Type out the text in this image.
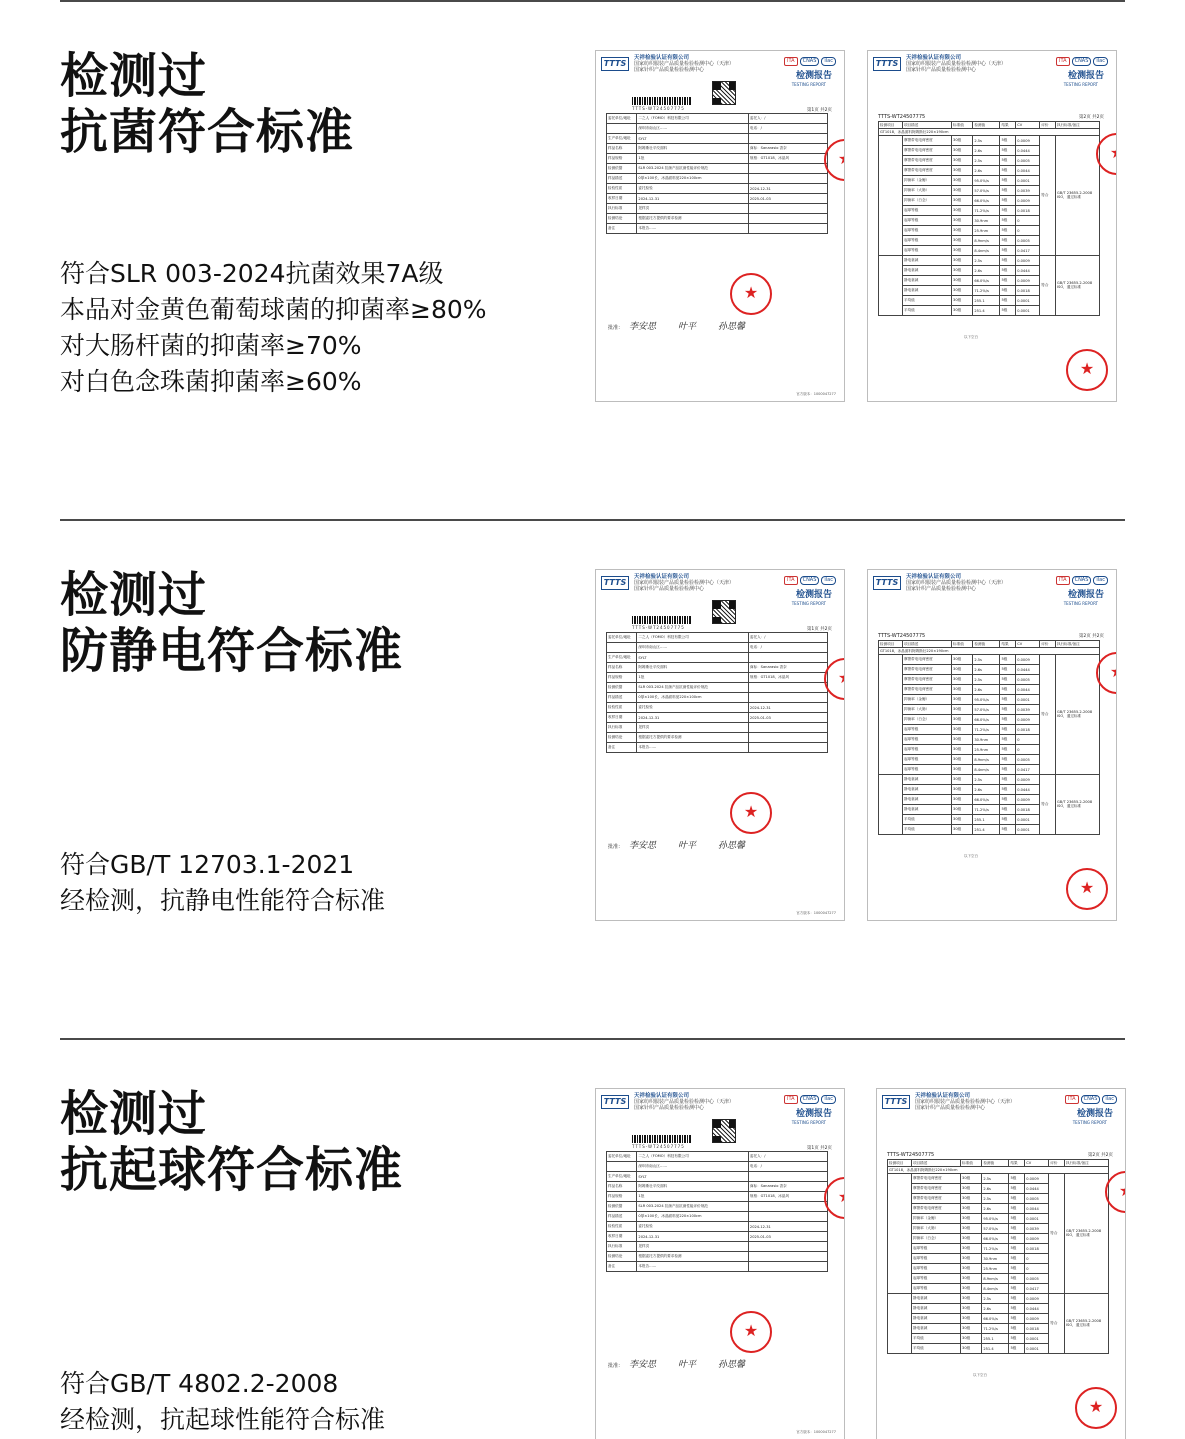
检测过
抗菌符合标准
符合SLR 003-2024抗菌效果7A级
本品对金黄色葡萄球菌的抑菌率≥80%
对大肠杆菌的抑菌率≥70%
对白色念珠菌抑菌率≥60%
检测过
防静电符合标准
符合GB/T 12703.1-2021
经检测，抗静电性能符合标准
检测过
抗起球符合标准
符合GB/T 4802.2-2008
经检测，抗起球性能符合标准
TTTS
天祥检验认证有限公司
国家纺织服装产品质量检验检测中心（天津）
国家针织产品质量检验检测中心
ITA CNAS ilac
检测报告
TESTING REPORT
TTTS-WT24507775	第1页 共2页
委托单位/地址	二之人（FOMO）科技有限公司	委托人：/
	深圳市南山区……	电话：/
生产单位/地址	SYLT	
样品名称	阿姆斯壮平纹面料	商标：Sanarasio 香奈
样品规格	1批	规格：GT1018，冰晶风
检测依据	SLR 003-2024 抗菌产品抗菌性能评价规范	
样品描述	0厚×100长，冰晶面料宽220×100cm	
检验性质	委托检验	2024-12-31
收样日期	2024-12-31	2025-01-03
执行标准	见样页	
检测结论	根据委托方提供的要求检测	
备注	本报告……	
批准： 李安思 叶平 孙思馨
★
★
官方版本：1000047277
TTTS
天祥检验认证有限公司
国家纺织服装产品质量检验检测中心（天津）
国家针织产品质量检验检测中心
ITA CNAS ilac
检测报告
TESTING REPORT
TTTS-WT24507775	第2页 共2页
检测项目	项目描述	标准值	检测值	结果	CV	评价	执行标准/备注
GT1018，冰晶面料阿姆斯壮220×190cm							
	摩擦带电电荷密度	30级	2.5s	5级	0.0009	符合	GB/T 23655.2-2008 ISO，通过标准
	摩擦带电电荷密度	30级	2.6s	5级	0.0444		
	摩擦带电电荷密度	30级	2.5s	5级	0.0005		
	摩擦带电电荷密度	30级	2.6s	5级	0.0044		
	抑菌率（金葡）	30级	95.0%/s	5级	0.0001		
	抑菌率（大肠）	30级	57.0%/s	5级	0.0039		
	抑菌率（白念）	30级	66.0%/s	5级	0.0009		
	起球等级	30级	71.2%/s	5级	0.0018		
	起球等级	30级	30.9nm	5级	0		
	起球等级	30级	25.9nm	5级	0		
	起球等级	30级	8.9nm/s	5级	0.0005		
	起球等级	30级	8.4nm/s	5级	0.0417		
	静电衰减	30级	2.5s	5级	0.0009	符合	GB/T 23655.2-2008 ISO，通过标准
	静电衰减	30级	2.6s	5级	0.0444		
	静电衰减	30级	66.0%/s	5级	0.0009		
	静电衰减	30级	71.2%/s	5级	0.0018		
	平均值	30级	255.1	5级	0.0001		
	平均值	30级	251.4	5级	0.0001		
以下空白
★
★
TTTS
天祥检验认证有限公司
国家纺织服装产品质量检验检测中心（天津）
国家针织产品质量检验检测中心
ITA CNAS ilac
检测报告
TESTING REPORT
TTTS-WT24507775	第1页 共2页
委托单位/地址	二之人（FOMO）科技有限公司	委托人：/
	深圳市南山区……	电话：/
生产单位/地址	SYLT	
样品名称	阿姆斯壮平纹面料	商标：Sanarasio 香奈
样品规格	1批	规格：GT1018，冰晶风
检测依据	SLR 003-2024 抗菌产品抗菌性能评价规范	
样品描述	0厚×100长，冰晶面料宽220×100cm	
检验性质	委托检验	2024-12-31
收样日期	2024-12-31	2025-01-03
执行标准	见样页	
检测结论	根据委托方提供的要求检测	
备注	本报告……	
批准： 李安思 叶平 孙思馨
★
★
官方版本：1000047277
TTTS
天祥检验认证有限公司
国家纺织服装产品质量检验检测中心（天津）
国家针织产品质量检验检测中心
ITA CNAS ilac
检测报告
TESTING REPORT
TTTS-WT24507775	第2页 共2页
检测项目	项目描述	标准值	检测值	结果	CV	评价	执行标准/备注
GT1018，冰晶面料阿姆斯壮220×190cm							
	摩擦带电电荷密度	30级	2.5s	5级	0.0009	符合	GB/T 23655.2-2008 ISO，通过标准
	摩擦带电电荷密度	30级	2.6s	5级	0.0444		
	摩擦带电电荷密度	30级	2.5s	5级	0.0005		
	摩擦带电电荷密度	30级	2.6s	5级	0.0044		
	抑菌率（金葡）	30级	95.0%/s	5级	0.0001		
	抑菌率（大肠）	30级	57.0%/s	5级	0.0039		
	抑菌率（白念）	30级	66.0%/s	5级	0.0009		
	起球等级	30级	71.2%/s	5级	0.0018		
	起球等级	30级	30.9nm	5级	0		
	起球等级	30级	25.9nm	5级	0		
	起球等级	30级	8.9nm/s	5级	0.0005		
	起球等级	30级	8.4nm/s	5级	0.0417		
	静电衰减	30级	2.5s	5级	0.0009	符合	GB/T 23655.2-2008 ISO，通过标准
	静电衰减	30级	2.6s	5级	0.0444		
	静电衰减	30级	66.0%/s	5级	0.0009		
	静电衰减	30级	71.2%/s	5级	0.0018		
	平均值	30级	255.1	5级	0.0001		
	平均值	30级	251.4	5级	0.0001		
以下空白
★
★
TTTS
天祥检验认证有限公司
国家纺织服装产品质量检验检测中心（天津）
国家针织产品质量检验检测中心
ITA CNAS ilac
检测报告
TESTING REPORT
TTTS-WT24507775	第1页 共2页
委托单位/地址	二之人（FOMO）科技有限公司	委托人：/
	深圳市南山区……	电话：/
生产单位/地址	SYLT	
样品名称	阿姆斯壮平纹面料	商标：Sanarasio 香奈
样品规格	1批	规格：GT1018，冰晶风
检测依据	SLR 003-2024 抗菌产品抗菌性能评价规范	
样品描述	0厚×100长，冰晶面料宽220×100cm	
检验性质	委托检验	2024-12-31
收样日期	2024-12-31	2025-01-03
执行标准	见样页	
检测结论	根据委托方提供的要求检测	
备注	本报告……	
批准： 李安思 叶平 孙思馨
★
★
官方版本：1000047277
TTTS
天祥检验认证有限公司
国家纺织服装产品质量检验检测中心（天津）
国家针织产品质量检验检测中心
ITA CNAS ilac
检测报告
TESTING REPORT
TTTS-WT24507775	第2页 共2页
检测项目	项目描述	标准值	检测值	结果	CV	评价	执行标准/备注
GT1018，冰晶面料阿姆斯壮220×190cm							
	摩擦带电电荷密度	30级	2.5s	5级	0.0009	符合	GB/T 23655.2-2008 ISO，通过标准
	摩擦带电电荷密度	30级	2.6s	5级	0.0444		
	摩擦带电电荷密度	30级	2.5s	5级	0.0005		
	摩擦带电电荷密度	30级	2.6s	5级	0.0044		
	抑菌率（金葡）	30级	95.0%/s	5级	0.0001		
	抑菌率（大肠）	30级	57.0%/s	5级	0.0039		
	抑菌率（白念）	30级	66.0%/s	5级	0.0009		
	起球等级	30级	71.2%/s	5级	0.0018		
	起球等级	30级	30.9nm	5级	0		
	起球等级	30级	25.9nm	5级	0		
	起球等级	30级	8.9nm/s	5级	0.0005		
	起球等级	30级	8.4nm/s	5级	0.0417		
	静电衰减	30级	2.5s	5级	0.0009	符合	GB/T 23655.2-2008 ISO，通过标准
	静电衰减	30级	2.6s	5级	0.0444		
	静电衰减	30级	66.0%/s	5级	0.0009		
	静电衰减	30级	71.2%/s	5级	0.0018		
	平均值	30级	255.1	5级	0.0001		
	平均值	30级	251.4	5级	0.0001		
以下空白
★
★
